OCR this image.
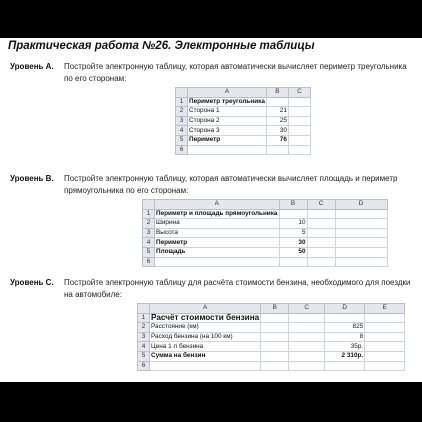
Практическая работа №26. Электронные таблицы
Уровень А. Постройте электронную таблицу, которая автоматически вычисляет периметр треугольника по его сторонам:
	A	B	C
1	Периметр треугольника		
2	Сторона 1	21	
3	Сторона 2	25	
4	Сторона 3	30	
5	Периметр	76	
6			
Уровень В. Постройте электронную таблицу, которая автоматически вычисляет площадь и периметр прямоугольника по его сторонам:
	A	B	C	D
1	Периметр и площадь прямоугольника			
2	Ширина	10		
3	Высота	5		
4	Периметр	30		
5	Площадь	50		
6				
Уровень С. Постройте электронную таблицу для расчёта стоимости бензина, необходимого для поездки на автомобиле:
	A	B	C	D	E
1	Расчёт стоимости бензина				
2	Расстояние (км)			825	
3	Расход бензина (на 100 км)			8	
4	Цена 1 л бензина			35р.	
5	Сумма на бензин			2 310р.	
6					
